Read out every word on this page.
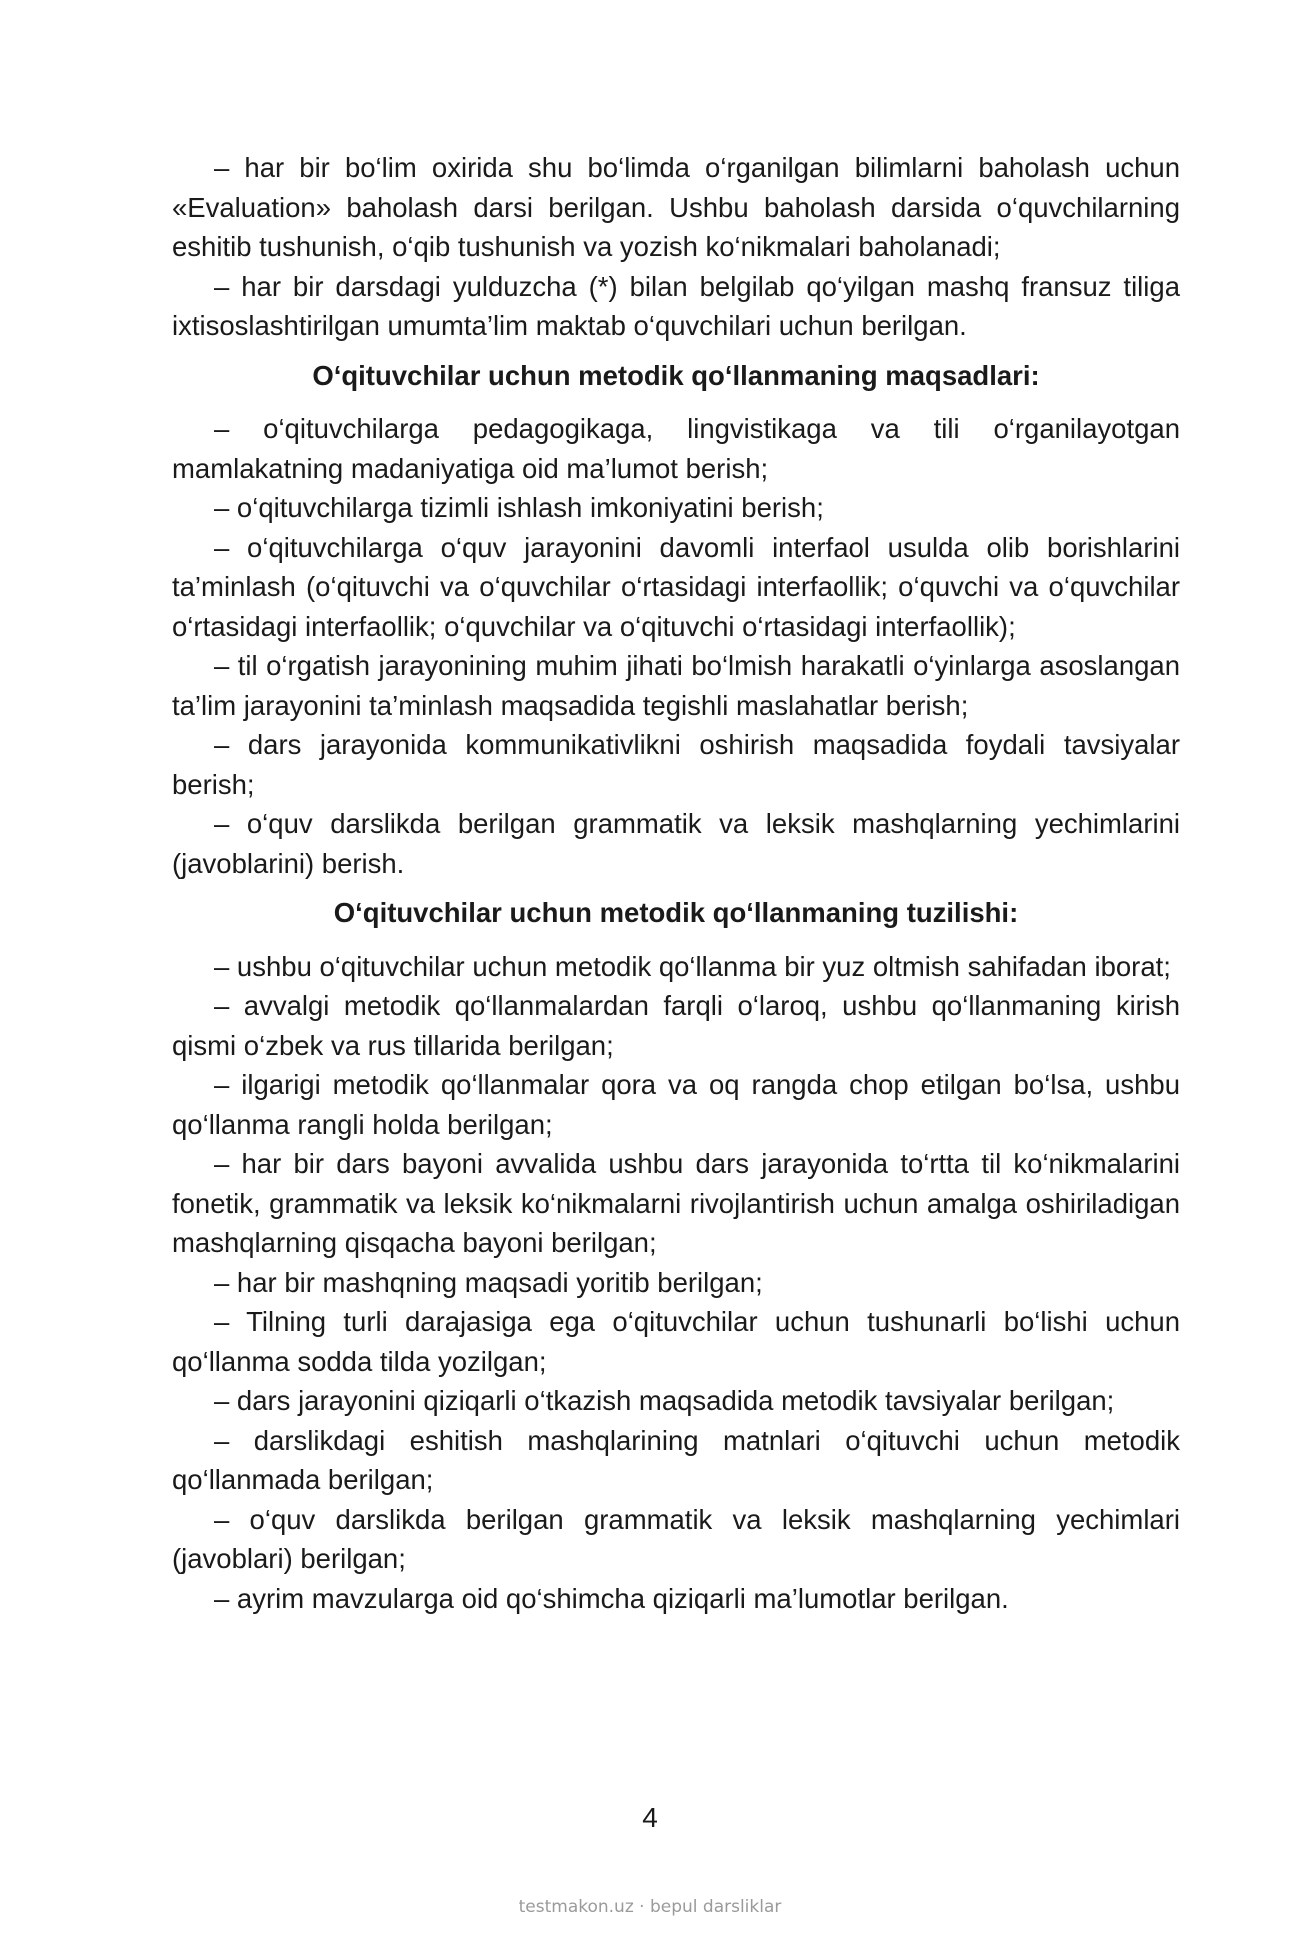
– har bir bo‘lim oxirida shu bo‘limda o‘rganilgan bilimlarni baholash uchun «Evaluation» baholash darsi berilgan. Ushbu baholash darsida o‘quvchilarning eshitib tushunish, o‘qib tushunish va yozish ko‘nikmalari baholanadi;

– har bir darsdagi yulduzcha (*) bilan belgilab qo‘yilgan mashq fransuz tiliga ixtisoslashtirilgan umumta’lim maktab o‘quvchilari uchun berilgan.

O‘qituvchilar uchun metodik qo‘llanmaning maqsadlari:

– o‘qituvchilarga pedagogikaga, lingvistikaga va tili o‘rganilayotgan mamlakatning madaniyatiga oid ma’lumot berish;

– o‘qituvchilarga tizimli ishlash imkoniyatini berish;

– o‘qituvchilarga o‘quv jarayonini davomli interfaol usulda olib borishlarini ta’minlash (o‘qituvchi va o‘quvchilar o‘rtasidagi interfaollik; o‘quvchi va o‘quvchilar o‘rtasidagi interfaollik; o‘quvchilar va o‘qituvchi o‘rtasidagi interfaollik);

– til o‘rgatish jarayonining muhim jihati bo‘lmish harakatli o‘yinlarga asoslangan ta’lim jarayonini ta’minlash maqsadida tegishli maslahatlar berish;

– dars jarayonida kommunikativlikni oshirish maqsadida foydali tavsiyalar berish;

– o‘quv darslikda berilgan grammatik va leksik mashqlarning yechimlarini (javoblarini) berish.

O‘qituvchilar uchun metodik qo‘llanmaning tuzilishi:

– ushbu o‘qituvchilar uchun metodik qo‘llanma bir yuz oltmish sahifadan iborat;

– avvalgi metodik qo‘llanmalardan farqli o‘laroq, ushbu qo‘llanmaning kirish qismi o‘zbek va rus tillarida berilgan;

– ilgarigi metodik qo‘llanmalar qora va oq rangda chop etilgan bo‘lsa, ushbu qo‘llanma rangli holda berilgan;

– har bir dars bayoni avvalida ushbu dars jarayonida to‘rtta til ko‘nikmalarini fonetik, grammatik va leksik ko‘nikmalarni rivojlantirish uchun amalga oshiriladigan mashqlarning qisqacha bayoni berilgan;

– har bir mashqning maqsadi yoritib berilgan;

– Tilning turli darajasiga ega o‘qituvchilar uchun tushunarli bo‘lishi uchun qo‘llanma sodda tilda yozilgan;

– dars jarayonini qiziqarli o‘tkazish maqsadida metodik tavsiyalar berilgan;

– darslikdagi eshitish mashqlarining matnlari o‘qituvchi uchun metodik qo‘llanmada berilgan;

– o‘quv darslikda berilgan grammatik va leksik mashqlarning yechimlari (javoblari) berilgan;

– ayrim mavzularga oid qo‘shimcha qiziqarli ma’lumotlar berilgan.

4
testmakon.uz · bepul darsliklar
